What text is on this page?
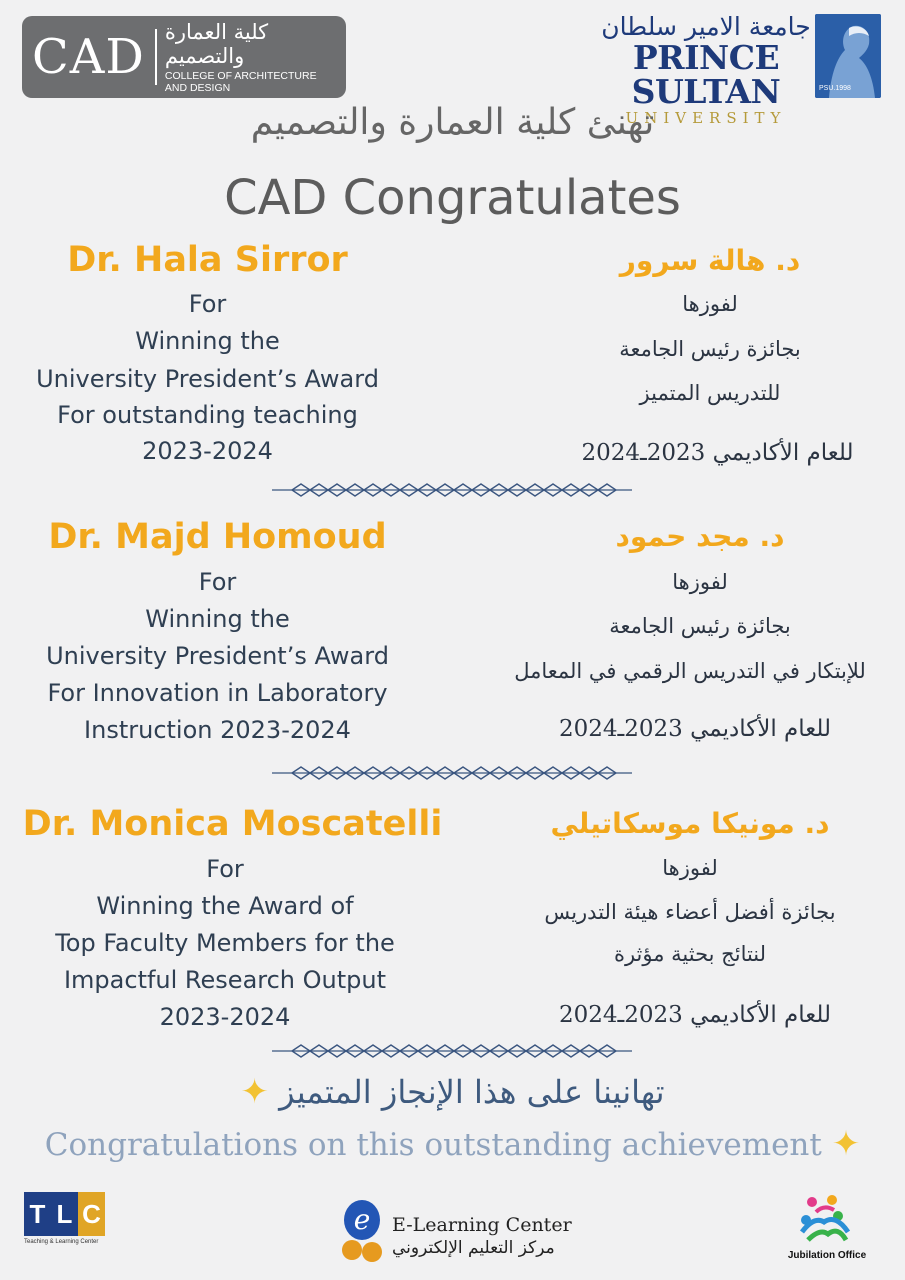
CAD كلية العمارة والتصميم
COLLEGE OF ARCHITECTURE AND DESIGN
جامعة الامير سلطان
PRINCE SULTAN
UNIVERSITY
PSU.1998
تهنئ كلية العمارة والتصميم
CAD Congratulates
Dr. Hala Sirror
For
Winning the
University President’s Award
For outstanding teaching
2023-2024
د. هالة سرور
لفوزها
بجائزة رئيس الجامعة
للتدريس المتميز
للعام الأكاديمي 2023ـ2024
Dr. Majd Homoud
For
Winning the
University President’s Award
For Innovation in Laboratory
Instruction 2023-2024
د. مجد حمود
لفوزها
بجائزة رئيس الجامعة
للإبتكار في التدريس الرقمي في المعامل
للعام الأكاديمي 2023ـ2024
Dr. Monica Moscatelli
For
Winning the Award of
Top Faculty Members for the
Impactful Research Output
2023-2024
د. مونيكا موسكاتيلي
لفوزها
بجائزة أفضل أعضاء هيئة التدريس
لنتائج بحثية مؤثرة
للعام الأكاديمي 2023ـ2024
تهانينا على هذا الإنجاز المتميز ✦
Congratulations on this outstanding achievement ✦
T L C
Teaching & Learning Center
e E-Learning Center
مركز التعليم الإلكتروني	Jubilation Office
